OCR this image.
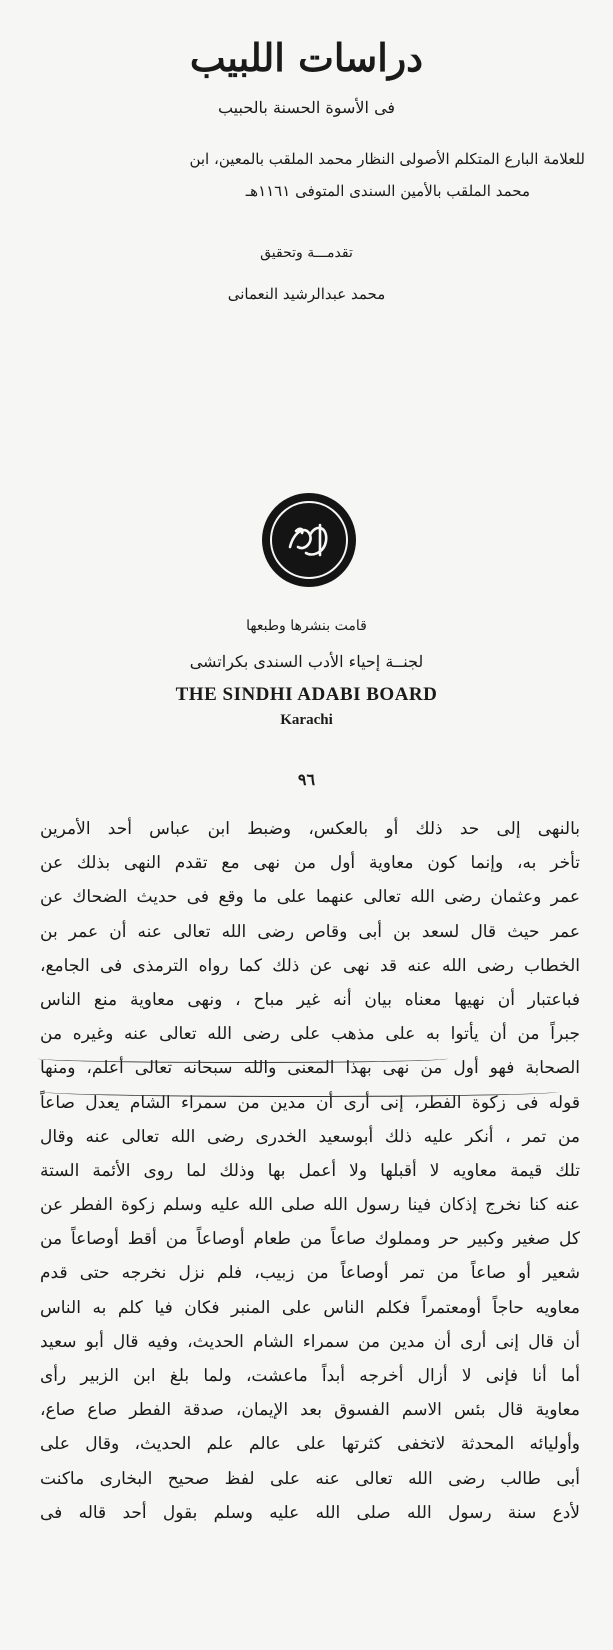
دراسات اللبيب
فى الأسوة الحسنة بالحبيب
للعلامة البارع المتكلم الأصولى النظار محمد الملقب بالمعين، ابن
محمد الملقب بالأمين السندى المتوفى ١١٦١هـ
تقدمـــة وتحقيق
محمد عبدالرشيد النعمانى
قامت بنشرها وطبعها
لجنــة إحياء الأدب السندى بكراتشى
THE SINDHI ADABI BOARD
Karachi
٩٦
بالنهى إلى حد ذلك أو بالعكس، وضبط ابن عباس أحد الأمرين
تأخر به، وإنما كون معاوية أول من نهى مع تقدم النهى بذلك عن
عمر وعثمان رضى الله تعالى عنهما على ما وقع فى حديث الضحاك عن
عمر حيث قال لسعد بن أبى وقاص رضى الله تعالى عنه أن عمر بن
الخطاب رضى الله عنه قد نهى عن ذلك كما رواه الترمذى فى الجامع،
فباعتبار أن نهيها معناه بيان أنه غير مباح ، ونهى معاوية منع الناس
جبراً من أن يأتوا به على مذهب على رضى الله تعالى عنه وغيره من
الصحابة فهو أول من نهى بهذا المعنى والله سبحانه تعالى أعلم، ومنها
قوله فى زكوة الفطر، إنى أرى أن مدين من سمراء الشام يعدل صاعاً
من تمر ، أنكر عليه ذلك أبوسعيد الخدرى رضى الله تعالى عنه وقال
تلك قيمة معاويه لا أقبلها ولا أعمل بها وذلك لما روى الأئمة الستة
عنه كنا نخرج إذكان فينا رسول الله صلى الله عليه وسلم زكوة الفطر عن
كل صغير وكبير حر ومملوك صاعاً من طعام أوصاعاً من أقط أوصاعاً من
شعير أو صاعاً من تمر أوصاعاً من زبيب، فلم نزل نخرجه حتى قدم
معاويه حاجاً أومعتمراً فكلم الناس على المنبر فكان فيا كلم به الناس
أن قال إنى أرى أن مدين من سمراء الشام الحديث، وفيه قال أبو سعيد
أما أنا فإنى لا أزال أخرجه أبداً ماعشت، ولما بلغ ابن الزبير رأى
معاوية قال بئس الاسم الفسوق بعد الإيمان، صدقة الفطر صاع صاع،
وأوليائه المحدثة لاتخفى كثرتها على عالم علم الحديث، وقال على
أبى طالب رضى الله تعالى عنه على لفظ صحيح البخارى ماكنت
لأدع سنة رسول الله صلى الله عليه وسلم بقول أحد قاله فى
